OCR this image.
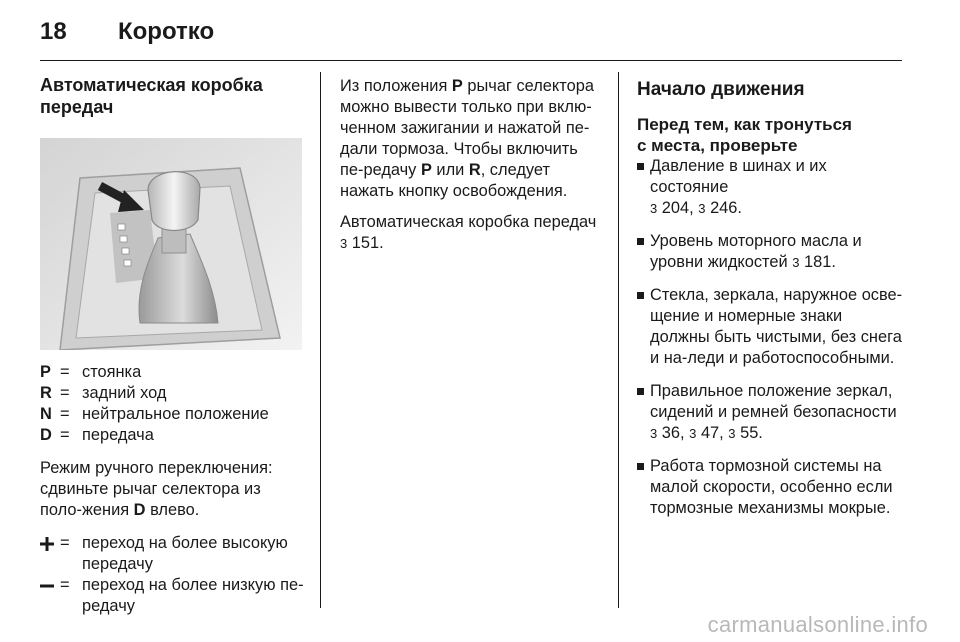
18 Коротко
Автоматическая коробка передач
P = стоянка
R = задний ход
N = нейтральное положение
D = передача

Режим ручного переключения: сдвиньте рычаг селектора из поло-жения D влево.

= переход на более высокую передачу
= переход на более низкую пе-редачу

Из положения P рычаг селектора можно вывести только при вклю-ченном зажигании и нажатой пе-дали тормоза. Чтобы включить пе-редачу P или R, следует нажать кнопку освобождения.

Автоматическая коробка передач
3 151.

Начало движения
Перед тем, как тронуться
с места, проверьте
Давление в шинах и их состояние
3 204, 3 246.
Уровень моторного масла и уровни жидкостей 3 181.
Стекла, зеркала, наружное осве-щение и номерные знаки должны быть чистыми, без снега и на-леди и работоспособными.
Правильное положение зеркал, сидений и ремней безопасности
3 36, 3 47, 3 55.
Работа тормозной системы на малой скорости, особенно если тормозные механизмы мокрые.
carmanualsonline.info
